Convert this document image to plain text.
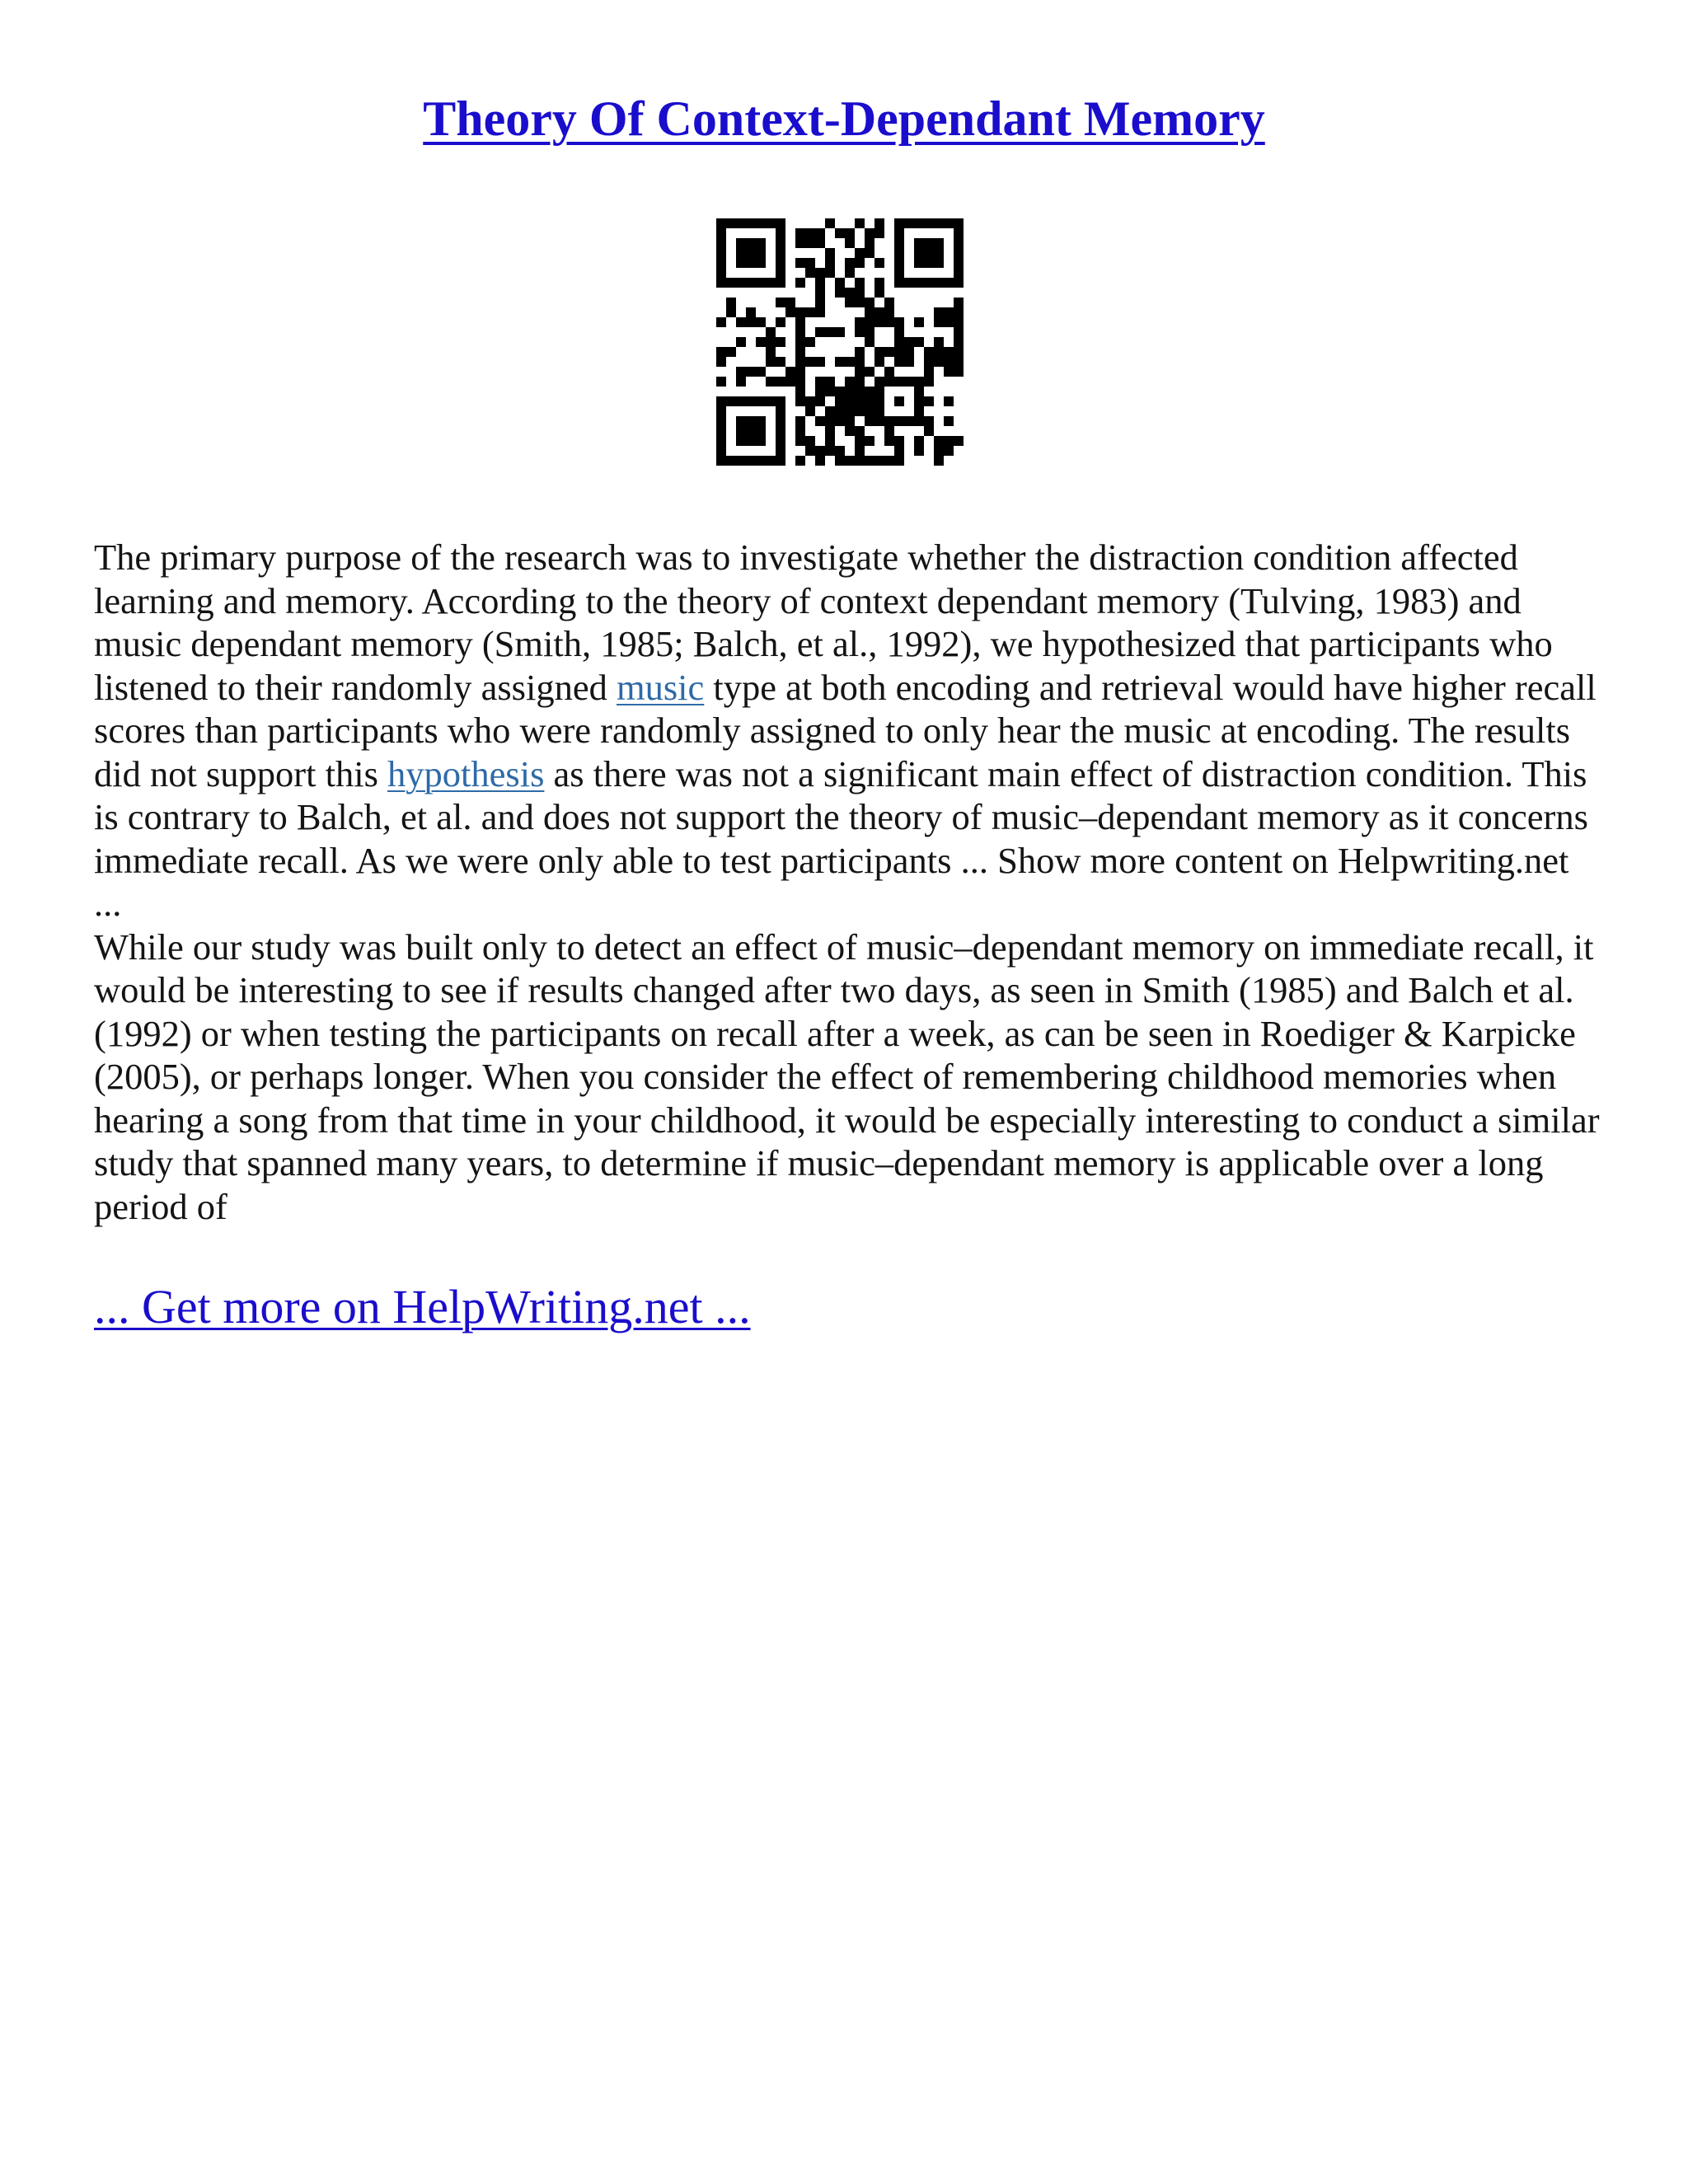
Theory Of Context-Dependant Memory

The primary purpose of the research was to investigate whether the distraction condition affected learning and memory. According to the theory of context dependant memory (Tulving, 1983) and music dependant memory (Smith, 1985; Balch, et al., 1992), we hypothesized that participants who listened to their randomly assigned music type at both encoding and retrieval would have higher recall scores than participants who were randomly assigned to only hear the music at encoding. The results did not support this hypothesis as there was not a significant main effect of distraction condition. This is contrary to Balch, et al. and does not support the theory of music–dependant memory as it concerns immediate recall. As we were only able to test participants ... Show more content on Helpwriting.net ...

While our study was built only to detect an effect of music–dependant memory on immediate recall, it would be interesting to see if results changed after two days, as seen in Smith (1985) and Balch et al. (1992) or when testing the participants on recall after a week, as can be seen in Roediger & Karpicke (2005), or perhaps longer. When you consider the effect of remembering childhood memories when hearing a song from that time in your childhood, it would be especially interesting to conduct a similar study that spanned many years, to determine if music–dependant memory is applicable over a long period of

... Get more on HelpWriting.net ...
